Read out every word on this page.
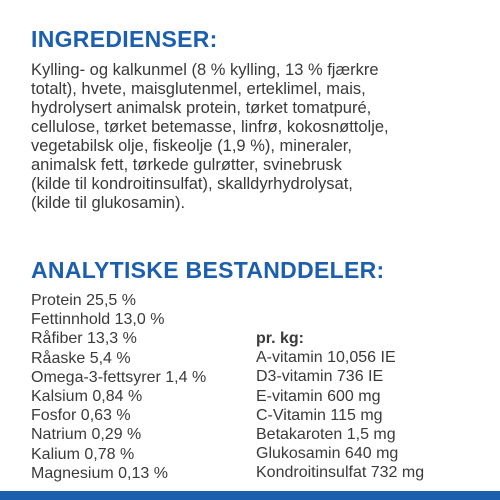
INGREDIENSER:

Kylling- og kalkunmel (8 % kylling, 13 % fjærkre
totalt), hvete, maisglutenmel, erteklimel, mais,
hydrolysert animalsk protein, tørket tomatpuré,
cellulose, tørket betemasse, linfrø, kokosnøttolje,
vegetabilsk olje, fiskeolje (1,9 %), mineraler,
animalsk fett, tørkede gulrøtter, svinebrusk
(kilde til kondroitinsulfat), skalldyrhydrolysat,
(kilde til glukosamin).

ANALYTISKE BESTANDDELER:
Protein 25,5 %
Fettinnhold 13,0 %
Råfiber 13,3 %
Råaske 5,4 %
Omega-3-fettsyrer 1,4 %
Kalsium 0,84 %
Fosfor 0,63 %
Natrium 0,29 %
Kalium 0,78 %
Magnesium 0,13 %
pr. kg:
A-vitamin 10,056 IE
D3-vitamin 736 IE
E-vitamin 600 mg
C-Vitamin 115 mg
Betakaroten 1,5 mg
Glukosamin 640 mg
Kondroitinsulfat 732 mg
